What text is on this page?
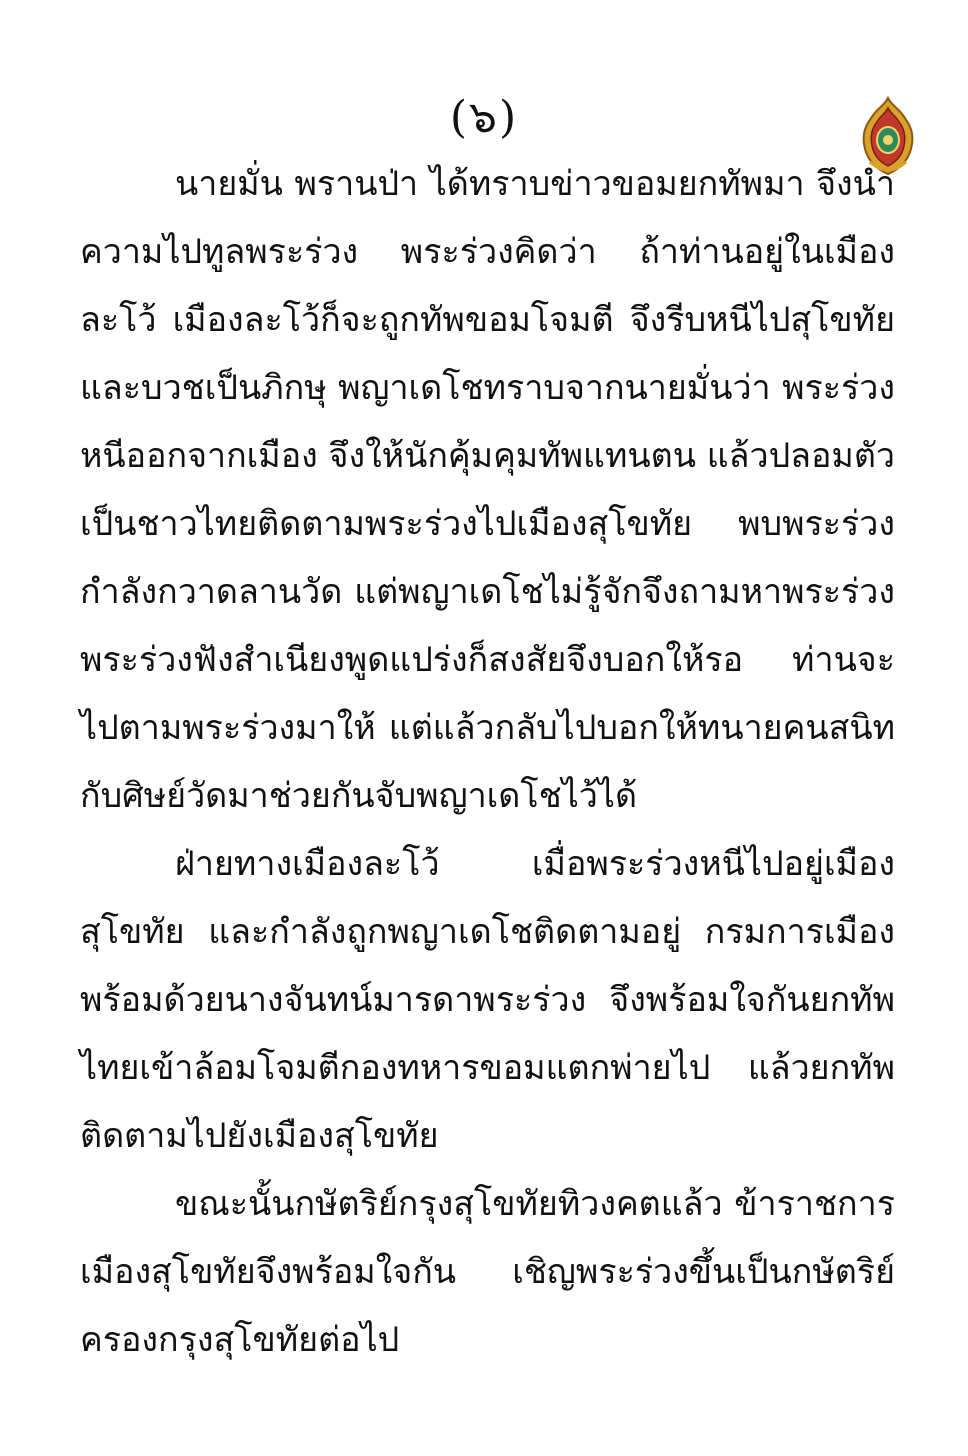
(๖)

นายมั่น พรานป่า ได้ทราบข่าวขอมยกทัพมา จึงนำความไปทูลพระร่วง พระร่วงคิดว่า ถ้าท่านอยู่ในเมืองละโว้ เมืองละโว้ก็จะถูกทัพขอมโจมตี จึงรีบหนีไปสุโขทัย และบวชเป็นภิกษุ พญาเดโชทราบจากนายมั่นว่า พระร่วงหนีออกจากเมือง จึงให้นักคุ้มคุมทัพแทนตน แล้วปลอมตัวเป็นชาวไทยติดตามพระร่วงไปเมืองสุโขทัย พบพระร่วงกำลังกวาดลานวัด แต่พญาเดโชไม่รู้จักจึงถามหาพระร่วง พระร่วงฟังสำเนียงพูดแปร่งก็สงสัยจึงบอกให้รอ ท่านจะไปตามพระร่วงมาให้ แต่แล้วกลับไปบอกให้ทนายคนสนิท กับศิษย์วัดมาช่วยกันจับพญาเดโชไว้ได้

ฝ่ายทางเมืองละโว้ เมื่อพระร่วงหนีไปอยู่เมืองสุโขทัย และกำลังถูกพญาเดโชติดตามอยู่ กรมการเมืองพร้อมด้วยนางจันทน์มารดาพระร่วง จึงพร้อมใจกันยกทัพไทยเข้าล้อมโจมตีกองทหารขอมแตกพ่ายไป แล้วยกทัพติดตามไปยังเมืองสุโขทัย

ขณะนั้นกษัตริย์กรุงสุโขทัยทิวงคตแล้ว ข้าราชการเมืองสุโขทัยจึงพร้อมใจกัน เชิญพระร่วงขึ้นเป็นกษัตริย์ครองกรุงสุโขทัยต่อไป
